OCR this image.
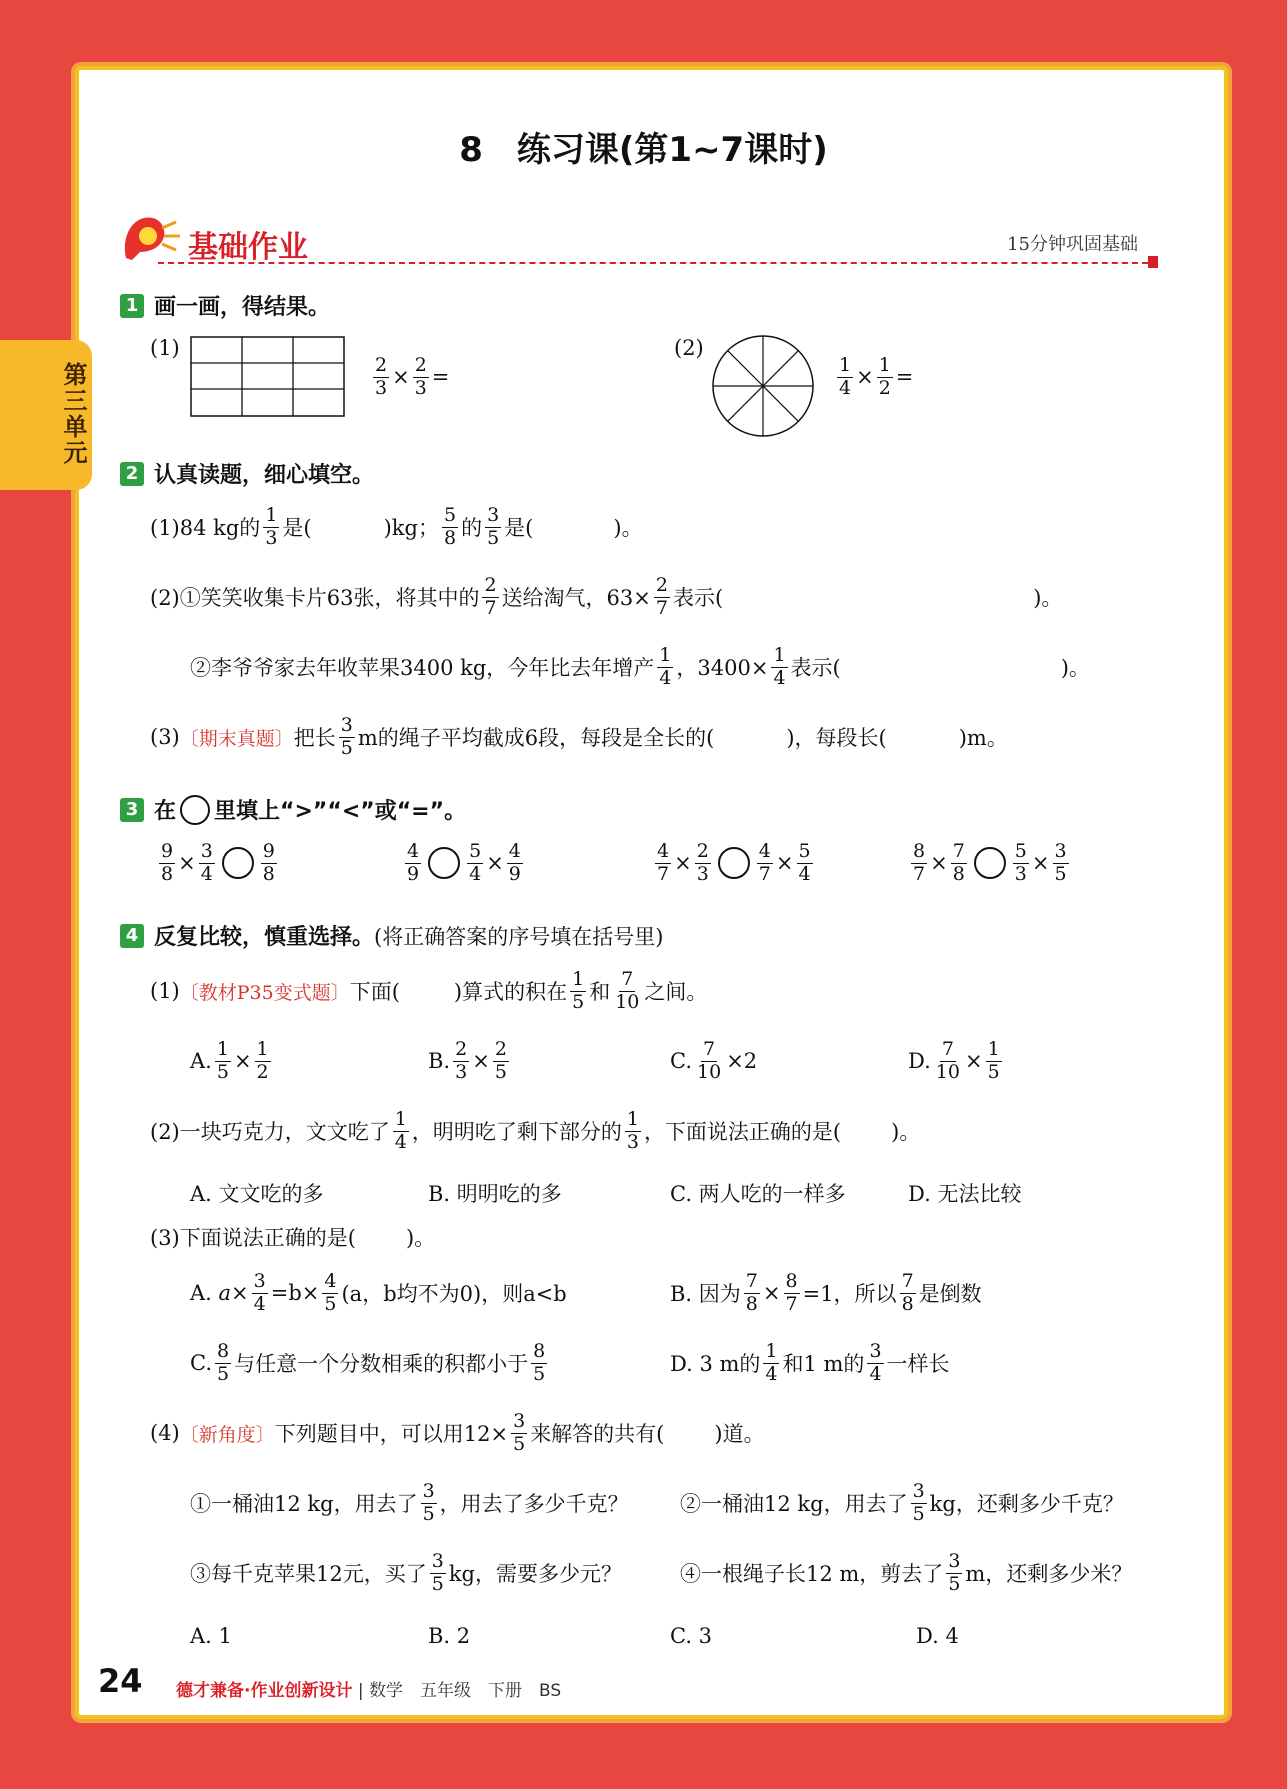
第三单元
8　练习课(第1~7课时)
基础作业	15分钟巩固基础
1 画一画，得结果。
(1)
$\frac{2}{3} \times \frac{2}{3}$ =
(2)
$\frac{1}{4} \times \frac{1}{2}$ =
2 认真读题，细心填空。
(1)84 kg的 $\frac{1}{3}$ 是(	)kg； $\frac{5}{8}$ 的 $\frac{3}{5}$ 是(	)。
(2)①笑笑收集卡片63张，将其中的 $\frac{2}{7}$ 送给淘气，$63\times \frac{2}{7}$ 表示(	)。
②李爷爷家去年收苹果3400 kg，今年比去年增产 $\frac{1}{4}$ ，$3400\times \frac{1}{4}$ 表示(	)。
(3) 〔期末真题〕 把长 $\frac{3}{5}$ m的绳子平均截成6段，每段是全长的(	)，每段长(	)m。
3 在 里填上“>”“<”或“=”。
$\frac{9}{8} \times \frac{3}{4} \frac{9}{8}$	$\frac{4}{9} \frac{5}{4} \times \frac{4}{9}$	$\frac{4}{7} \times \frac{2}{3} \frac{4}{7} \times \frac{5}{4}$	$\frac{8}{7} \times \frac{7}{8} \frac{5}{3} \times \frac{3}{5}$
4 反复比较，慎重选择。 (将正确答案的序号填在括号里)
(1) 〔教材P35变式题〕 下面(	)算式的积在 $\frac{1}{5}$ 和 $\frac{7}{10}$ 之间。
A. $\frac{1}{5} \times \frac{1}{2}$	B. $\frac{2}{3} \times \frac{2}{5}$	C. $\frac{7}{10} \times 2$	D. $\frac{7}{10} \times \frac{1}{5}$
(2)一块巧克力，文文吃了 $\frac{1}{4}$ ，明明吃了剩下部分的 $\frac{1}{3}$ ，下面说法正确的是( )。
A. 文文吃的多	B. 明明吃的多	C. 两人吃的一样多	D. 无法比较
(3)下面说法正确的是( )。
A.
$a\times \frac{3}{4} =b\times \frac{4}{5} (a$，b均不为0)，则a<b	B. 因为 $\frac{7}{8} \times \frac{8}{7} =1$，所以 $\frac{7}{8}$ 是倒数
C. $\frac{8}{5}$ 与任意一个分数相乘的积都小于 $\frac{8}{5}$	D. 3 m的 $\frac{1}{4}$ 和1 m的 $\frac{3}{4}$ 一样长
(4) 〔新角度〕 下列题目中，可以用$12\times \frac{3}{5}$ 来解答的共有( )道。
①一桶油12 kg，用去了 $\frac{3}{5}$ ，用去了多少千克？ ②一桶油12 kg，用去了 $\frac{3}{5}$ kg，还剩多少千克？
③每千克苹果12元，买了 $\frac{3}{5}$ kg，需要多少元？	④一根绳子长12 m，剪去了 $\frac{3}{5}$ m，还剩多少米？
A. 1	B. 2	C. 3	D. 4
24 德才兼备·作业创新设计 | 数学　五年级　下册　BS
